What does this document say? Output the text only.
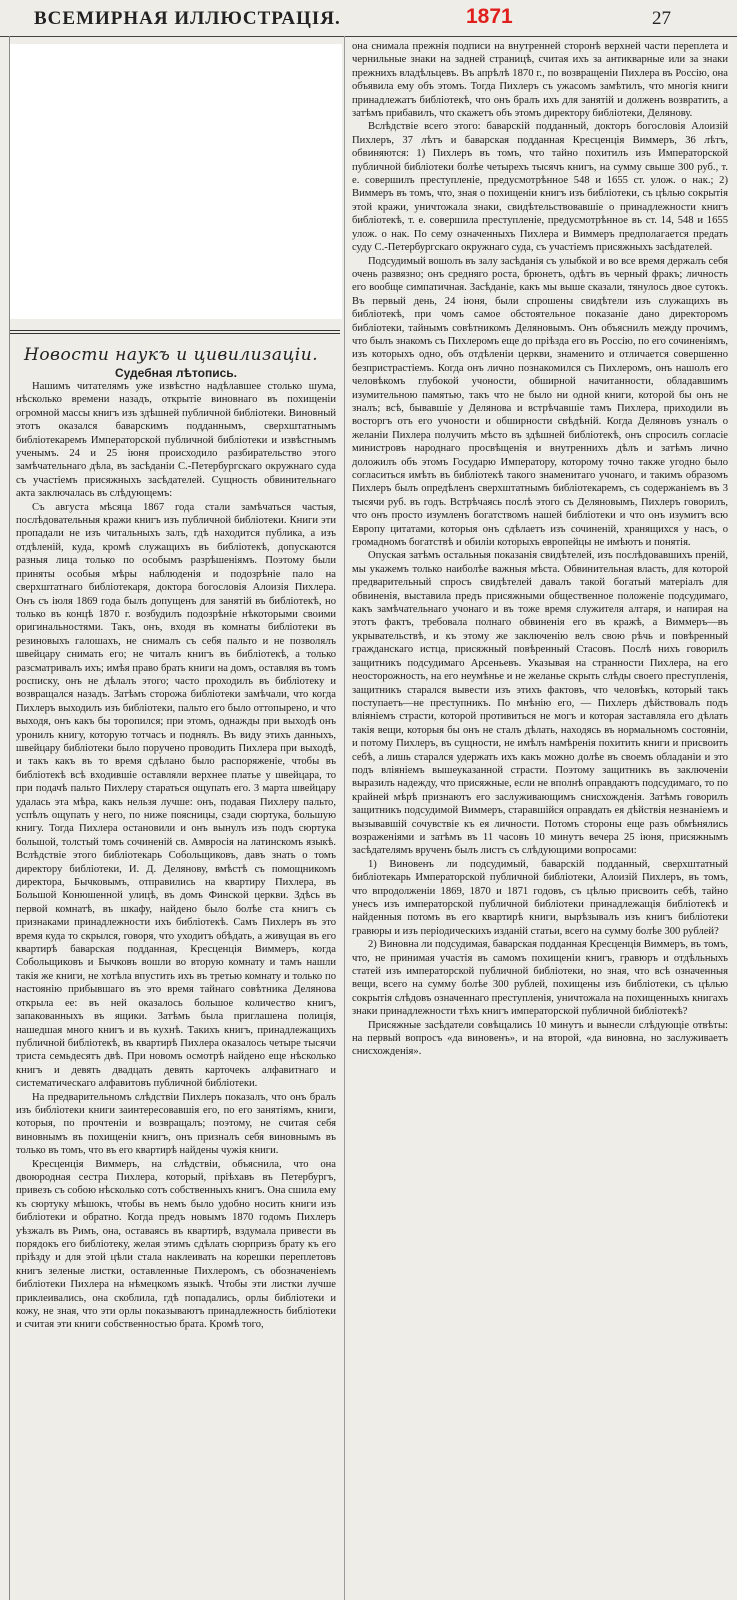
ВСЕМИРНАЯ ИЛЛЮСТРАЦІЯ.	1871	27
Новости наукъ и цивилизаціи.
Судебная лѣтопись.

Нашимъ читателямъ уже извѣстно надѣлавшее столько шума, нѣсколько времени назадъ, открытіе виновнаго въ похищеніи огромной массы книгъ изъ здѣшней публичной библіотеки. Виновный этотъ оказался баварскимъ подданнымъ, сверхштатнымъ библіотекаремъ Императорской публичной библіотеки и извѣстнымъ ученымъ. 24 и 25 іюня происходило разбирательство этого замѣчательнаго дѣла, въ засѣданіи С.-Петербургскаго окружнаго суда съ участіемъ присяжныхъ засѣдателей. Сущность обвинительнаго акта заключалась въ слѣдующемъ:

Съ августа мѣсяца 1867 года стали замѣчаться частыя, послѣдовательныя кражи книгъ изъ публичной библіотеки. Книги эти пропадали не изъ читальныхъ залъ, гдѣ находится публика, а изъ отдѣленій, куда, кромѣ служащихъ въ библіотекѣ, допускаются разныя лица только по особымъ разрѣшеніямъ. Поэтому были приняты особыя мѣры наблюденія и подозрѣніе пало на сверхштатнаго библіотекаря, доктора богословія Алоизія Пихлера. Онъ съ іюля 1869 года былъ допущенъ для занятій въ библіотекѣ, но только въ концѣ 1870 г. возбудилъ подозрѣніе нѣкоторыми своими оригинальностями. Такъ, онъ, входя въ комнаты библіотеки въ резиновыхъ галошахъ, не снималъ съ себя пальто и не позволялъ швейцару снимать его; не читалъ книгъ въ библіотекѣ, а только разсматривалъ ихъ; имѣя право брать книги на домъ, оставляя въ томъ росписку, онъ не дѣлалъ этого; часто проходилъ въ библіотеку и возвращался назадъ. Затѣмъ сторожа библіотеки замѣчали, что когда Пихлеръ выходилъ изъ библіотеки, пальто его было оттопырено, и что выходя, онъ какъ бы торопился; при этомъ, однажды при выходѣ онъ уронилъ книгу, которую тотчасъ и поднялъ. Въ виду этихъ данныхъ, швейцару библіотеки было поручено проводить Пихлера при выходѣ, и такъ какъ въ то время сдѣлано было распоряженіе, чтобы въ библіотекѣ всѣ входившіе оставляли верхнее платье у швейцара, то при подачѣ пальто Пихлеру стараться ощупать его. 3 марта швейцару удалась эта мѣра, какъ нельзя лучше: онъ, подавая Пихлеру пальто, успѣлъ ощупать у него, по ниже поясницы, сзади сюртука, большую книгу. Тогда Пихлера остановили и онъ вынулъ изъ подъ сюртука большой, толстый томъ сочиненій св. Амвросія на латинскомъ языкѣ. Вслѣдствіе этого библіотекарь Собольщиковъ, давъ знать о томъ директору библіотеки, И. Д. Делянову, вмѣстѣ съ помощникомъ директора, Бычковымъ, отправились на квартиру Пихлера, въ Большой Конюшенной улицѣ, въ домъ Финской церкви. Здѣсь въ первой комнатѣ, въ шкафу, найдено было болѣе ста книгъ съ признаками принадлежности ихъ библіотекѣ. Самъ Пихлеръ въ это время куда то скрылся, говоря, что уходитъ обѣдать, а живущая въ его квартирѣ баварская подданная, Кресценція Виммеръ, когда Собольщиковъ и Бычковъ вошли во вторую комнату и тамъ нашли такія же книги, не хотѣла впустить ихъ въ третью комнату и только по настоянію прибывшаго въ это время тайнаго совѣтника Делянова открыла ее: въ ней оказалось большое количество книгъ, запакованныхъ въ ящики. Затѣмъ была приглашена полиція, нашедшая много книгъ и въ кухнѣ. Такихъ книгъ, принадлежащихъ публичной библіотекѣ, въ квартирѣ Пихлера оказалось четыре тысячи триста семьдесятъ двѣ. При новомъ осмотрѣ найдено еще нѣсколько книгъ и девять двадцать девять карточекъ алфавитнаго и систематическаго алфавитовъ публичной библіотеки.

На предварительномъ слѣдствіи Пихлеръ показалъ, что онъ бралъ изъ библіотеки книги заинтересовавшія его, по его занятіямъ, книги, которыя, по прочтеніи и возвращалъ; поэтому, не считая себя виновнымъ въ похищеніи книгъ, онъ призналъ себя виновнымъ въ только въ томъ, что въ его квартирѣ найдены чужія книги.

Кресценція Виммеръ, на слѣдствіи, объяснила, что она двоюродная сестра Пихлера, который, пріѣхавъ въ Петербургъ, привезъ съ собою нѣсколько сотъ собственныхъ книгъ. Она сшила ему къ сюртуку мѣшокъ, чтобы въ немъ было удобно носить книги изъ библіотеки и обратно. Когда предъ новымъ 1870 годомъ Пихлеръ уѣзжалъ въ Римъ, она, оставаясь въ квартирѣ, вздумала привести въ порядокъ его библіотеку, желая этимъ сдѣлать сюрпризъ брату къ его пріѣзду и для этой цѣли стала наклеивать на корешки переплетовъ книгъ зеленые листки, оставленные Пихлеромъ, съ обозначеніемъ библіотеки Пихлера на нѣмецкомъ языкѣ. Чтобы эти листки лучше приклеивались, она скоблила, гдѣ попадались, орлы библіотеки и кожу, не зная, что эти орлы показываютъ принадлежность библіотеки и считая эти книги собственностью брата. Кромѣ того,

она снимала прежнія подписи на внутренней сторонѣ верхней части переплета и чернильные знаки на задней страницѣ, считая ихъ за антикварные или за знаки прежнихъ владѣльцевъ. Въ апрѣлѣ 1870 г., по возвращеніи Пихлера въ Россію, она объявила ему объ этомъ. Тогда Пихлеръ съ ужасомъ замѣтилъ, что многія книги принадлежатъ библіотекѣ, что онъ бралъ ихъ для занятій и долженъ возвратить, а затѣмъ прибавилъ, что скажетъ объ этомъ директору библіотеки, Делянову.

Вслѣдствіе всего этого: баварскій подданный, докторъ богословія Алоизій Пихлеръ, 37 лѣтъ и баварская подданная Кресценція Виммеръ, 36 лѣтъ, обвиняются: 1) Пихлеръ въ томъ, что тайно похитилъ изъ Императорской публичной библіотеки болѣе четырехъ тысячъ книгъ, на сумму свыше 300 руб., т. е. совершилъ преступленіе, предусмотрѣнное 548 и 1655 ст. улож. о нак.; 2) Виммеръ въ томъ, что, зная о похищеніи книгъ изъ библіотеки, съ цѣлью сокрытія этой кражи, уничтожала знаки, свидѣтельствовавшіе о принадлежности книгъ библіотекѣ, т. е. совершила преступленіе, предусмотрѣнное въ ст. 14, 548 и 1655 улож. о нак. По сему означенныхъ Пихлера и Виммеръ предполагается предать суду С.-Петербургскаго окружнаго суда, съ участіемъ присяжныхъ засѣдателей.

Подсудимый вошолъ въ залу засѣданія съ улыбкой и во все время держалъ себя очень развязно; онъ средняго роста, брюнетъ, одѣтъ въ черный фракъ; личность его вообще симпатичная. Засѣданіе, какъ мы выше сказали, тянулось двое сутокъ. Въ первый день, 24 іюня, были спрошены свидѣтели изъ служащихъ въ библіотекѣ, при чомъ самое обстоятельное показаніе дано директоромъ библіотеки, тайнымъ совѣтникомъ Деляновымъ. Онъ объяснилъ между прочимъ, что былъ знакомъ съ Пихлеромъ еще до пріѣзда его въ Россію, по его сочиненіямъ, изъ которыхъ одно, объ отдѣленіи церкви, знаменито и отличается совершенно безпристрастіемъ. Когда онъ лично познакомился съ Пихлеромъ, онъ нашолъ его человѣкомъ глубокой учоности, обширной начитанности, обладавшимъ изумительною памятью, такъ что не было ни одной книги, которой бы онъ не зналъ; всѣ, бывавшіе у Делянова и встрѣчавшіе тамъ Пихлера, приходили въ восторгъ отъ его учоности и обширности свѣдѣній. Когда Деляновъ узналъ о желаніи Пихлера получить мѣсто въ здѣшней библіотекѣ, онъ спросилъ согласіе министровъ народнаго просвѣщенія и внутреннихъ дѣлъ и затѣмъ лично доложилъ объ этомъ Государю Императору, которому точно также угодно было согласиться имѣть въ библіотекѣ такого знаменитаго учонаго, и такимъ образомъ Пихлеръ былъ опредѣленъ сверхштатнымъ библіотекаремъ, съ содержаніемъ въ 3 тысячи руб. въ годъ. Встрѣчаясь послѣ этого съ Деляновымъ, Пихлеръ говорилъ, что онъ просто изумленъ богатствомъ нашей библіотеки и что онъ изумитъ всю Европу цитатами, которыя онъ сдѣлаетъ изъ сочиненій, хранящихся у насъ, о громадномъ богатствѣ и обиліи которыхъ европейцы не имѣютъ и понятія.

Опуская затѣмъ остальныя показанія свидѣтелей, изъ послѣдовавшихъ преній, мы укажемъ только наиболѣе важныя мѣста. Обвинительная власть, для которой предварительный спросъ свидѣтелей давалъ такой богатый матеріалъ для обвиненія, выставила предъ присяжными общественное положеніе подсудимаго, какъ замѣчательнаго учонаго и въ тоже время служителя алтаря, и напирая на этотъ фактъ, требовала полнаго обвиненія его въ кражѣ, а Виммеръ—въ укрывательствѣ, и къ этому же заключенію велъ свою рѣчь и повѣренный гражданскаго истца, присяжный повѣренный Стасовъ. Послѣ нихъ говорилъ защитникъ подсудимаго Арсеньевъ. Указывая на странности Пихлера, на его неосторожность, на его неумѣнье и не желанье скрыть слѣды своего преступленія, защитникъ старался вывести изъ этихъ фактовъ, что человѣкъ, который такъ поступаетъ—не преступникъ. По мнѣнію его, — Пихлеръ дѣйствовалъ подъ вліяніемъ страсти, которой противиться не могъ и которая заставляла его дѣлать такія вещи, которыя бы онъ не сталъ дѣлать, находясь въ нормальномъ состояніи, и потому Пихлеръ, въ сущности, не имѣлъ намѣренія похитить книги и присвоить себѣ, а лишь старался удержать ихъ какъ можно долѣе въ своемъ обладаніи и это подъ вліяніемъ вышеуказанной страсти. Поэтому защитникъ въ заключеніи выразилъ надежду, что присяжные, если не вполнѣ оправдаютъ подсудимаго, то по крайней мѣрѣ признаютъ его заслуживающимъ снисхожденія. Затѣмъ говорилъ защитникъ подсудимой Виммеръ, старавшійся оправдать ея дѣйствія незнаніемъ и вызывавшій сочувствіе къ ея личности. Потомъ стороны еще разъ обмѣнялись возраженіями и затѣмъ въ 11 часовъ 10 минутъ вечера 25 іюня, присяжнымъ засѣдателямъ врученъ былъ листъ съ слѣдующими вопросами:

1) Виновенъ ли подсудимый, баварскій подданный, сверхштатный библіотекарь Императорской публичной библіотеки, Алоизій Пихлеръ, въ томъ, что впродолженіи 1869, 1870 и 1871 годовъ, съ цѣлью присвоить себѣ, тайно унесъ изъ императорской публичной библіотеки принадлежащія библіотекѣ и найденныя потомъ въ его квартирѣ книги, вырѣзывалъ изъ книгъ библіотеки гравюры и изъ періодическихъ изданій статьи, всего на сумму болѣе 300 рублей?

2) Виновна ли подсудимая, баварская подданная Кресценція Виммеръ, въ томъ, что, не принимая участія въ самомъ похищеніи книгъ, гравюръ и отдѣльныхъ статей изъ императорской публичной библіотеки, но зная, что всѣ означенныя вещи, всего на сумму болѣе 300 рублей, похищены изъ библіотеки, съ цѣлью сокрытія слѣдовъ означеннаго преступленія, уничтожала на похищенныхъ книгахъ знаки принадлежности тѣхъ книгъ императорской публичной библіотекѣ?

Присяжные засѣдатели совѣщались 10 минутъ и вынесли слѣдующіе отвѣты: на первый вопросъ «да виновенъ», и на второй, «да виновна, но заслуживаетъ снисхожденія».
